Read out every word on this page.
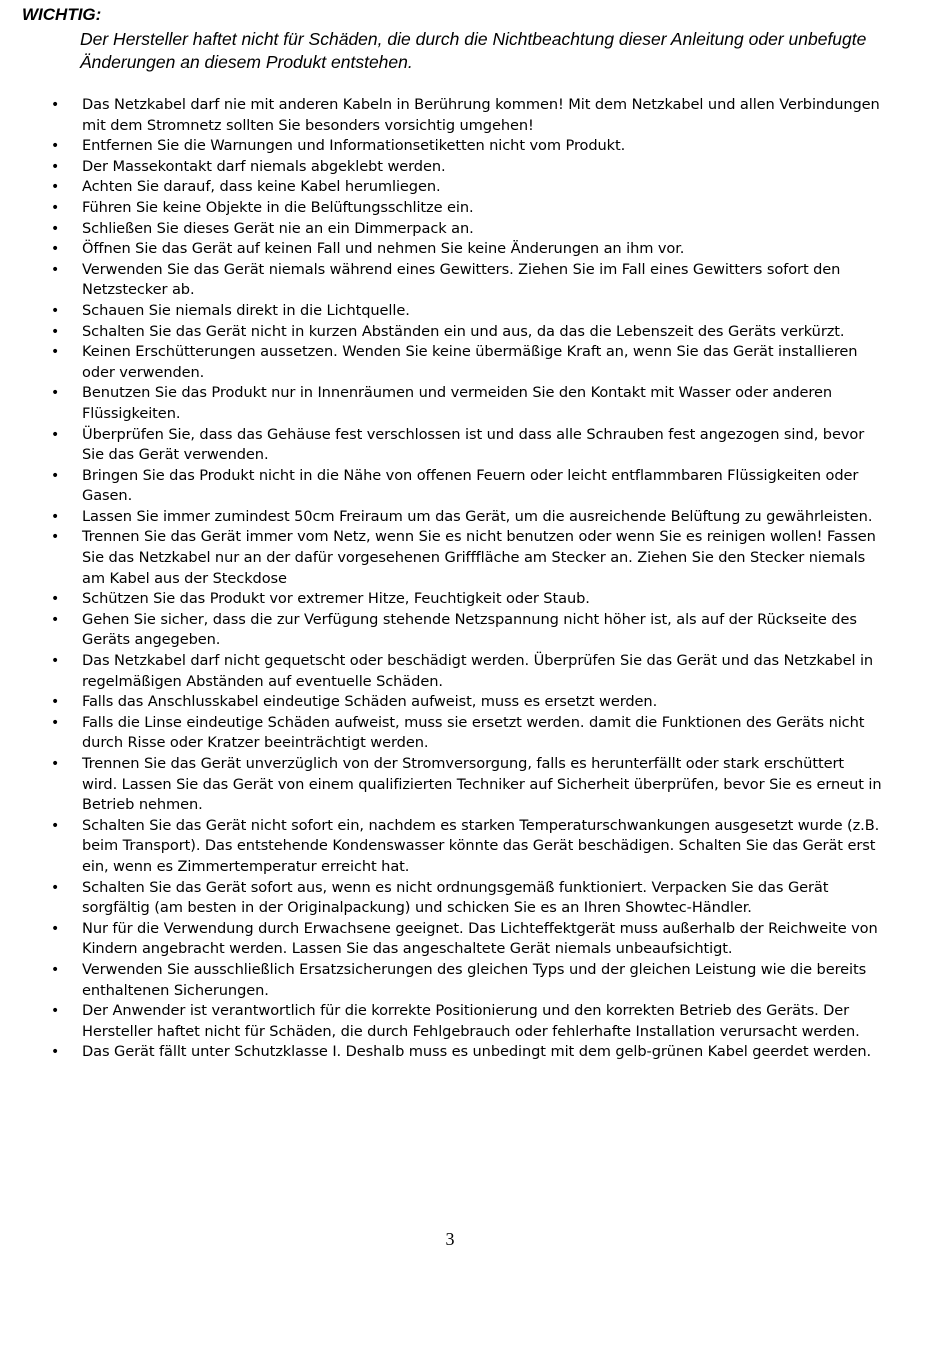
WICHTIG:

Der Hersteller haftet nicht für Schäden, die durch die Nichtbeachtung dieser Anleitung oder unbefugte Änderungen an diesem Produkt entstehen.

• Das Netzkabel darf nie mit anderen Kabeln in Berührung kommen! Mit dem Netzkabel und allen Verbindungen mit dem Stromnetz sollten Sie besonders vorsichtig umgehen!
• Entfernen Sie die Warnungen und Informationsetiketten nicht vom Produkt.
• Der Massekontakt darf niemals abgeklebt werden.
• Achten Sie darauf, dass keine Kabel herumliegen.
• Führen Sie keine Objekte in die Belüftungsschlitze ein.
• Schließen Sie dieses Gerät nie an ein Dimmerpack an.
• Öffnen Sie das Gerät auf keinen Fall und nehmen Sie keine Änderungen an ihm vor.
• Verwenden Sie das Gerät niemals während eines Gewitters. Ziehen Sie im Fall eines Gewitters sofort den Netzstecker ab.
• Schauen Sie niemals direkt in die Lichtquelle.
• Schalten Sie das Gerät nicht in kurzen Abständen ein und aus, da das die Lebenszeit des Geräts verkürzt.
• Keinen Erschütterungen aussetzen. Wenden Sie keine übermäßige Kraft an, wenn Sie das Gerät installieren oder verwenden.
• Benutzen Sie das Produkt nur in Innenräumen und vermeiden Sie den Kontakt mit Wasser oder anderen Flüssigkeiten.
• Überprüfen Sie, dass das Gehäuse fest verschlossen ist und dass alle Schrauben fest angezogen sind, bevor Sie das Gerät verwenden.
• Bringen Sie das Produkt nicht in die Nähe von offenen Feuern oder leicht entflammbaren Flüssigkeiten oder Gasen.
• Lassen Sie immer zumindest 50cm Freiraum um das Gerät, um die ausreichende Belüftung zu gewährleisten.
• Trennen Sie das Gerät immer vom Netz, wenn Sie es nicht benutzen oder wenn Sie es reinigen wollen! Fassen Sie das Netzkabel nur an der dafür vorgesehenen Grifffläche am Stecker an. Ziehen Sie den Stecker niemals am Kabel aus der Steckdose
• Schützen Sie das Produkt vor extremer Hitze, Feuchtigkeit oder Staub.
• Gehen Sie sicher, dass die zur Verfügung stehende Netzspannung nicht höher ist, als auf der Rückseite des Geräts angegeben.
• Das Netzkabel darf nicht gequetscht oder beschädigt werden. Überprüfen Sie das Gerät und das Netzkabel in regelmäßigen Abständen auf eventuelle Schäden.
• Falls das Anschlusskabel eindeutige Schäden aufweist, muss es ersetzt werden.
• Falls die Linse eindeutige Schäden aufweist, muss sie ersetzt werden. damit die Funktionen des Geräts nicht durch Risse oder Kratzer beeinträchtigt werden.
• Trennen Sie das Gerät unverzüglich von der Stromversorgung, falls es herunterfällt oder stark erschüttert wird. Lassen Sie das Gerät von einem qualifizierten Techniker auf Sicherheit überprüfen, bevor Sie es erneut in Betrieb nehmen.
• Schalten Sie das Gerät nicht sofort ein, nachdem es starken Temperaturschwankungen ausgesetzt wurde (z.B. beim Transport). Das entstehende Kondenswasser könnte das Gerät beschädigen. Schalten Sie das Gerät erst ein, wenn es Zimmertemperatur erreicht hat.
• Schalten Sie das Gerät sofort aus, wenn es nicht ordnungsgemäß funktioniert. Verpacken Sie das Gerät sorgfältig (am besten in der Originalpackung) und schicken Sie es an Ihren Showtec-Händler.
• Nur für die Verwendung durch Erwachsene geeignet. Das Lichteffektgerät muss außerhalb der Reichweite von Kindern angebracht werden. Lassen Sie das angeschaltete Gerät niemals unbeaufsichtigt.
• Verwenden Sie ausschließlich Ersatzsicherungen des gleichen Typs und der gleichen Leistung wie die bereits enthaltenen Sicherungen.
• Der Anwender ist verantwortlich für die korrekte Positionierung und den korrekten Betrieb des Geräts. Der Hersteller haftet nicht für Schäden, die durch Fehlgebrauch oder fehlerhafte Installation verursacht werden.
• Das Gerät fällt unter Schutzklasse I. Deshalb muss es unbedingt mit dem gelb-grünen Kabel geerdet werden.
3
